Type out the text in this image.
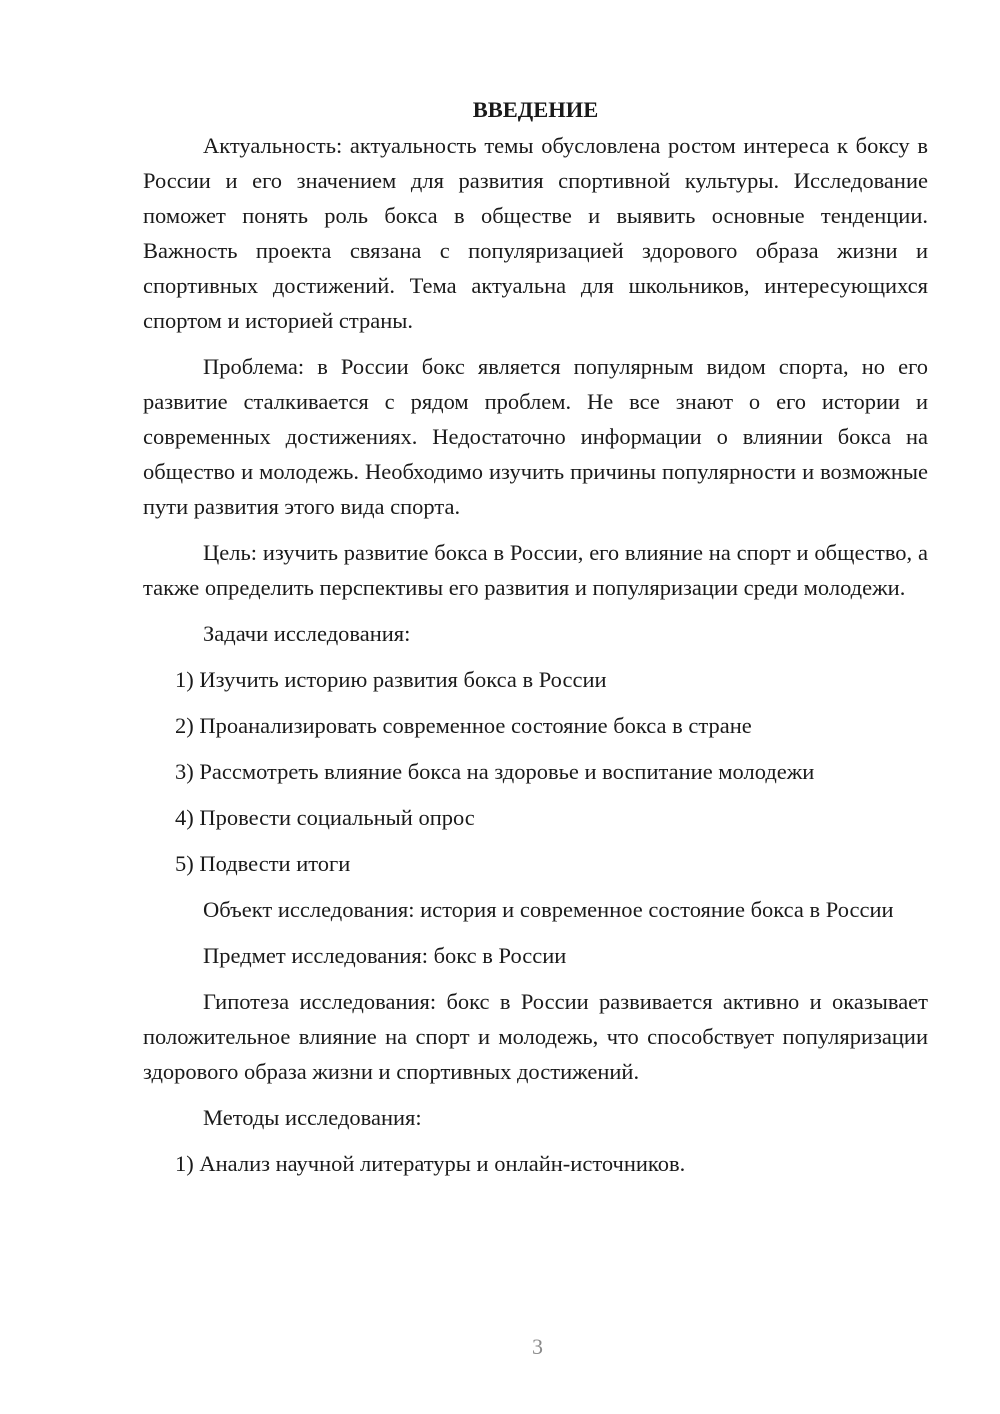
ВВЕДЕНИЕ

Актуальность: актуальность темы обусловлена ростом интереса к боксу в России и его значением для развития спортивной культуры. Исследование поможет понять роль бокса в обществе и выявить основные тенденции. Важность проекта связана с популяризацией здорового образа жизни и спортивных достижений. Тема актуальна для школьников, интересующихся спортом и историей страны.

Проблема: в России бокс является популярным видом спорта, но его развитие сталкивается с рядом проблем. Не все знают о его истории и современных достижениях. Недостаточно информации о влиянии бокса на общество и молодежь. Необходимо изучить причины популярности и возможные пути развития этого вида спорта.

Цель: изучить развитие бокса в России, его влияние на спорт и общество, а также определить перспективы его развития и популяризации среди молодежи.

Задачи исследования:

1) Изучить историю развития бокса в России
2) Проанализировать современное состояние бокса в стране
3) Рассмотреть влияние бокса на здоровье и воспитание молодежи
4) Провести социальный опрос
5) Подвести итоги

Объект исследования: история и современное состояние бокса в России

Предмет исследования: бокс в России

Гипотеза исследования: бокс в России развивается активно и оказывает положительное влияние на спорт и молодежь, что способствует популяризации здорового образа жизни и спортивных достижений.

Методы исследования:

1) Анализ научной литературы и онлайн-источников.
3
